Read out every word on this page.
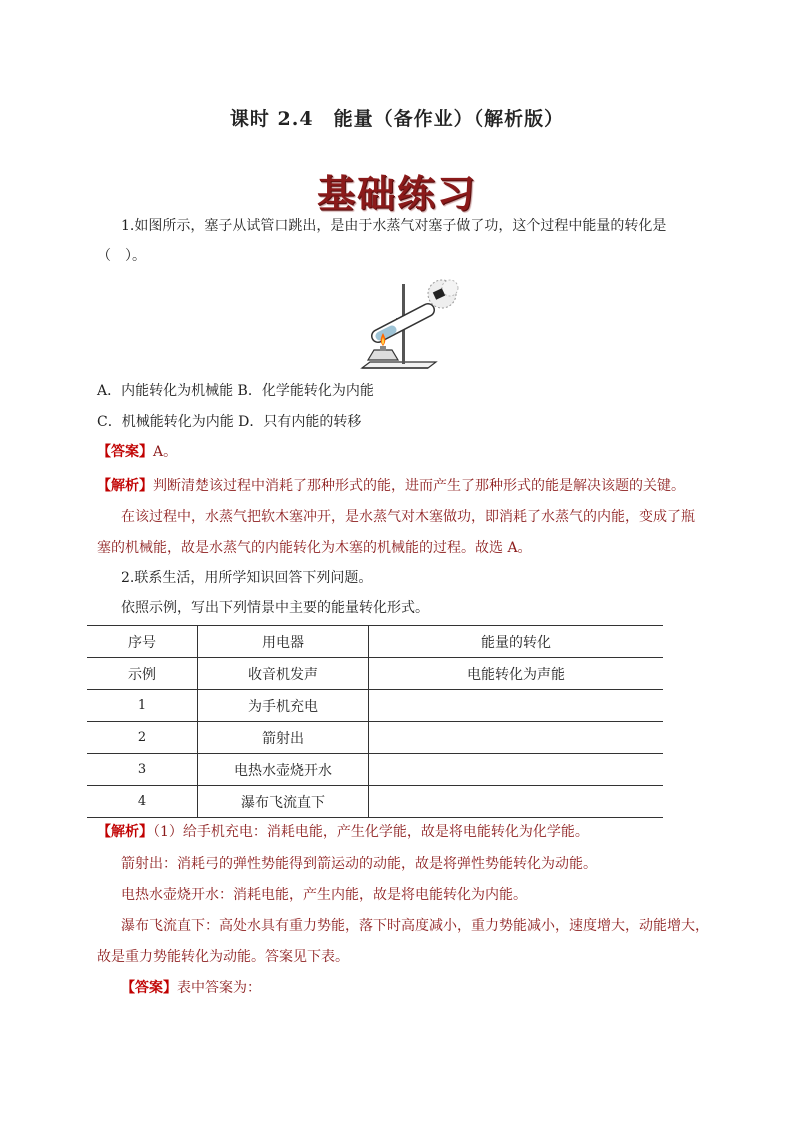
课时 2.4　能量（备作业）（解析版）
基础练习
1.如图所示，塞子从试管口跳出，是由于水蒸气对塞子做了功，这个过程中能量的转化是
（　）。
A．内能转化为机械能 B．化学能转化为内能
C．机械能转化为内能 D．只有内能的转移
【答案】A。
【解析】判断清楚该过程中消耗了那种形式的能，进而产生了那种形式的能是解决该题的关键。
在该过程中，水蒸气把软木塞冲开，是水蒸气对木塞做功，即消耗了水蒸气的内能，变成了瓶
塞的机械能，故是水蒸气的内能转化为木塞的机械能的过程。故选 A。
2.联系生活，用所学知识回答下列问题。
依照示例，写出下列情景中主要的能量转化形式。
序号	用电器	能量的转化
示例	收音机发声	电能转化为声能
1	为手机充电	
2	箭射出	
3	电热水壶烧开水	
4	瀑布飞流直下	
【解析】（1）给手机充电：消耗电能，产生化学能，故是将电能转化为化学能。
箭射出：消耗弓的弹性势能得到箭运动的动能，故是将弹性势能转化为动能。
电热水壶烧开水：消耗电能，产生内能，故是将电能转化为内能。
瀑布飞流直下：高处水具有重力势能，落下时高度减小，重力势能减小，速度增大，动能增大，
故是重力势能转化为动能。答案见下表。
【答案】表中答案为：
